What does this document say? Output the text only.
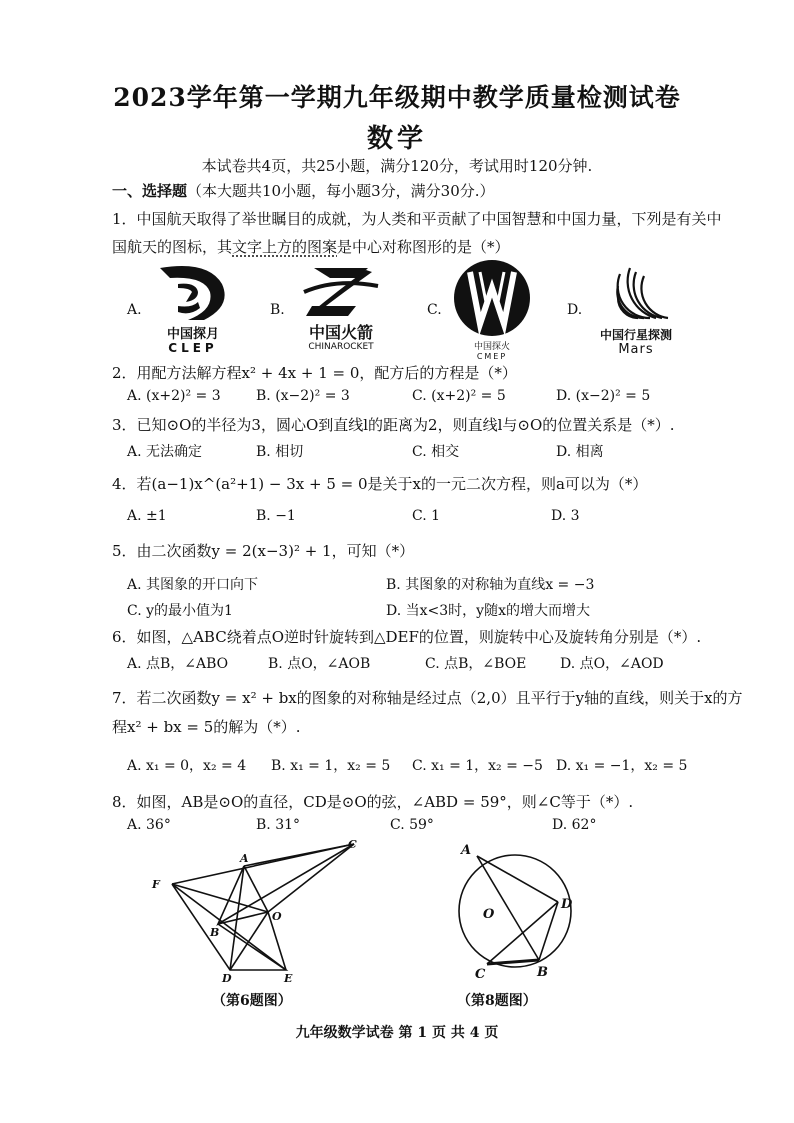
2023学年第一学期九年级期中教学质量检测试卷
数学
本试卷共4页，共25小题，满分120分，考试用时120分钟.
一、选择题（本大题共10小题，每小题3分，满分30分.）
1．中国航天取得了举世瞩目的成就，为人类和平贡献了中国智慧和中国力量，下列是有关中
国航天的图标，其文字上方的图案是中心对称图形的是（*）
A.
中国探月
CLEP
B.
中国火箭
CHINAROCKET
C.
中国探火
CMEP
D.
中国行星探测
Mars
2．用配方法解方程x² + 4x + 1 = 0，配方后的方程是（*）
A. (x+2)² = 3	B. (x−2)² = 3	C. (x+2)² = 5	D. (x−2)² = 5
3．已知⊙O的半径为3，圆心O到直线l的距离为2，则直线l与⊙O的位置关系是（*）.
A. 无法确定	B. 相切	C. 相交	D. 相离
4．若(a−1)x^(a²+1) − 3x + 5 = 0是关于x的一元二次方程，则a可以为（*）
A. ±1	B. −1	C. 1	D. 3
5．由二次函数y = 2(x−3)² + 1，可知（*）
A. 其图象的开口向下	B. 其图象的对称轴为直线x = −3
C. y的最小值为1	D. 当x<3时，y随x的增大而增大
6．如图，△ABC绕着点O逆时针旋转到△DEF的位置，则旋转中心及旋转角分别是（*）.
A. 点B，∠ABO	B. 点O，∠AOB	C. 点B，∠BOE D. 点O，∠AOD
7．若二次函数y = x² + bx的图象的对称轴是经过点（2,0）且平行于y轴的直线，则关于x的方
程x² + bx = 5的解为（*）.
A. x₁ = 0，x₂ = 4 B. x₁ = 1，x₂ = 5 C. x₁ = 1，x₂ = −5 D. x₁ = −1，x₂ = 5
8．如图，AB是⊙O的直径，CD是⊙O的弦，∠ABD = 59°，则∠C等于（*）.
A. 36°	B. 31°	C. 59°	D. 62°
A
C
B
O
F
D	E
（第6题图）
A
O
D
C	B
（第8题图）
九年级数学试卷 第 1 页 共 4 页
